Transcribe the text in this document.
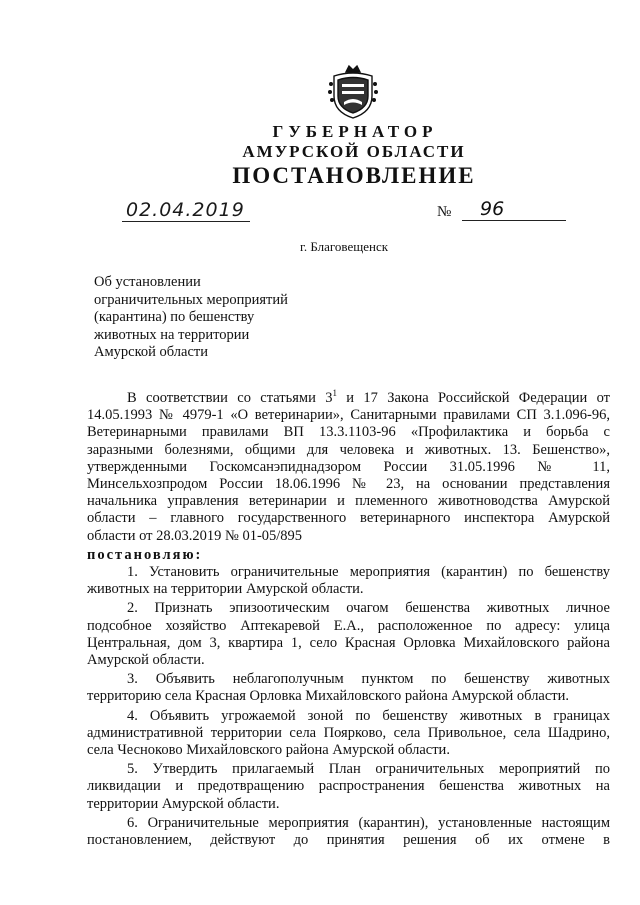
ГУБЕРНАТОР
АМУРСКОЙ ОБЛАСТИ
ПОСТАНОВЛЕНИЕ
02.04.2019	№	96
г. Благовещенск
Об установлении
ограничительных мероприятий
(карантина) по бешенству
животных на территории
Амурской области
В соответствии со статьями $3^1$ и 17 Закона Российской Федерации от
14.05.1993 № 4979-1 «О ветеринарии», Санитарными правилами СП 3.1.096-96,
Ветеринарными правилами ВП 13.3.1103-96 «Профилактика и борьба с
заразными болезнями, общими для человека и животных. 13. Бешенство»,
утвержденными Госкомсанэпиднадзором России 31.05.1996 № 11,
Минсельхозпродом России 18.06.1996 № 23, на основании представления
начальника управления ветеринарии и племенного животноводства Амурской
области – главного государственного ветеринарного инспектора Амурской
области от 28.03.2019 № 01-05/895
постановляю:
1. Установить ограничительные мероприятия (карантин) по бешенству
животных на территории Амурской области.
2. Признать эпизоотическим очагом бешенства животных личное
подсобное хозяйство Аптекаревой Е.А., расположенное по адресу: улица
Центральная, дом 3, квартира 1, село Красная Орловка Михайловского района
Амурской области.
3. Объявить неблагополучным пунктом по бешенству животных
территорию села Красная Орловка Михайловского района Амурской области.
4. Объявить угрожаемой зоной по бешенству животных в границах
административной территории села Поярково, села Привольное, села Шадрино,
села Чесноково Михайловского района Амурской области.
5. Утвердить прилагаемый План ограничительных мероприятий по
ликвидации и предотвращению распространения бешенства животных на
территории Амурской области.
6. Ограничительные мероприятия (карантин), установленные настоящим
постановлением, действуют до принятия решения об их отмене в
